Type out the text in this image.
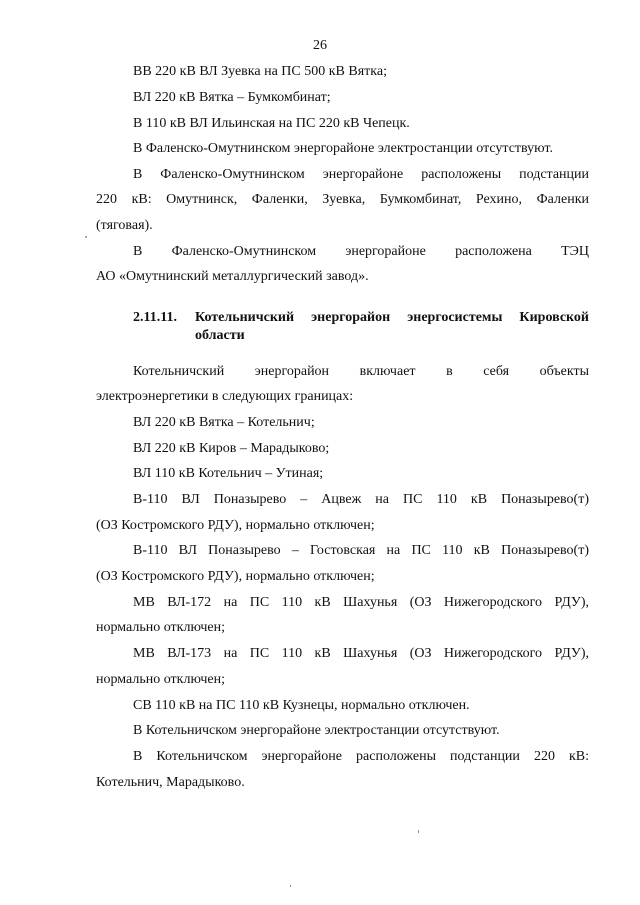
26
ВВ 220 кВ ВЛ Зуевка на ПС 500 кВ Вятка;
ВЛ 220 кВ Вятка – Бумкомбинат;
В 110 кВ ВЛ Ильинская на ПС 220 кВ Чепецк.
В Фаленско-Омутнинском энергорайоне электростанции отсутствуют.
В Фаленско-Омутнинском энергорайоне расположены подстанции
220 кВ: Омутнинск, Фаленки, Зуевка, Бумкомбинат, Рехино, Фаленки
(тяговая).
В Фаленско-Омутнинском энергорайоне расположена ТЭЦ
АО «Омутнинский металлургический завод».
2.11.11. Котельничский энергорайон энергосистемы Кировской
области
Котельничский энергорайон включает в себя объекты
электроэнергетики в следующих границах:
ВЛ 220 кВ Вятка – Котельнич;
ВЛ 220 кВ Киров – Марадыково;
ВЛ 110 кВ Котельнич – Утиная;
В-110 ВЛ Поназырево – Ацвеж на ПС 110 кВ Поназырево(т)
(ОЗ Костромского РДУ), нормально отключен;
В-110 ВЛ Поназырево – Гостовская на ПС 110 кВ Поназырево(т)
(ОЗ Костромского РДУ), нормально отключен;
МВ ВЛ-172 на ПС 110 кВ Шахунья (ОЗ Нижегородского РДУ),
нормально отключен;
МВ ВЛ-173 на ПС 110 кВ Шахунья (ОЗ Нижегородского РДУ),
нормально отключен;
СВ 110 кВ на ПС 110 кВ Кузнецы, нормально отключен.
В Котельничском энергорайоне электростанции отсутствуют.
В Котельничском энергорайоне расположены подстанции 220 кВ:
Котельнич, Марадыково.
